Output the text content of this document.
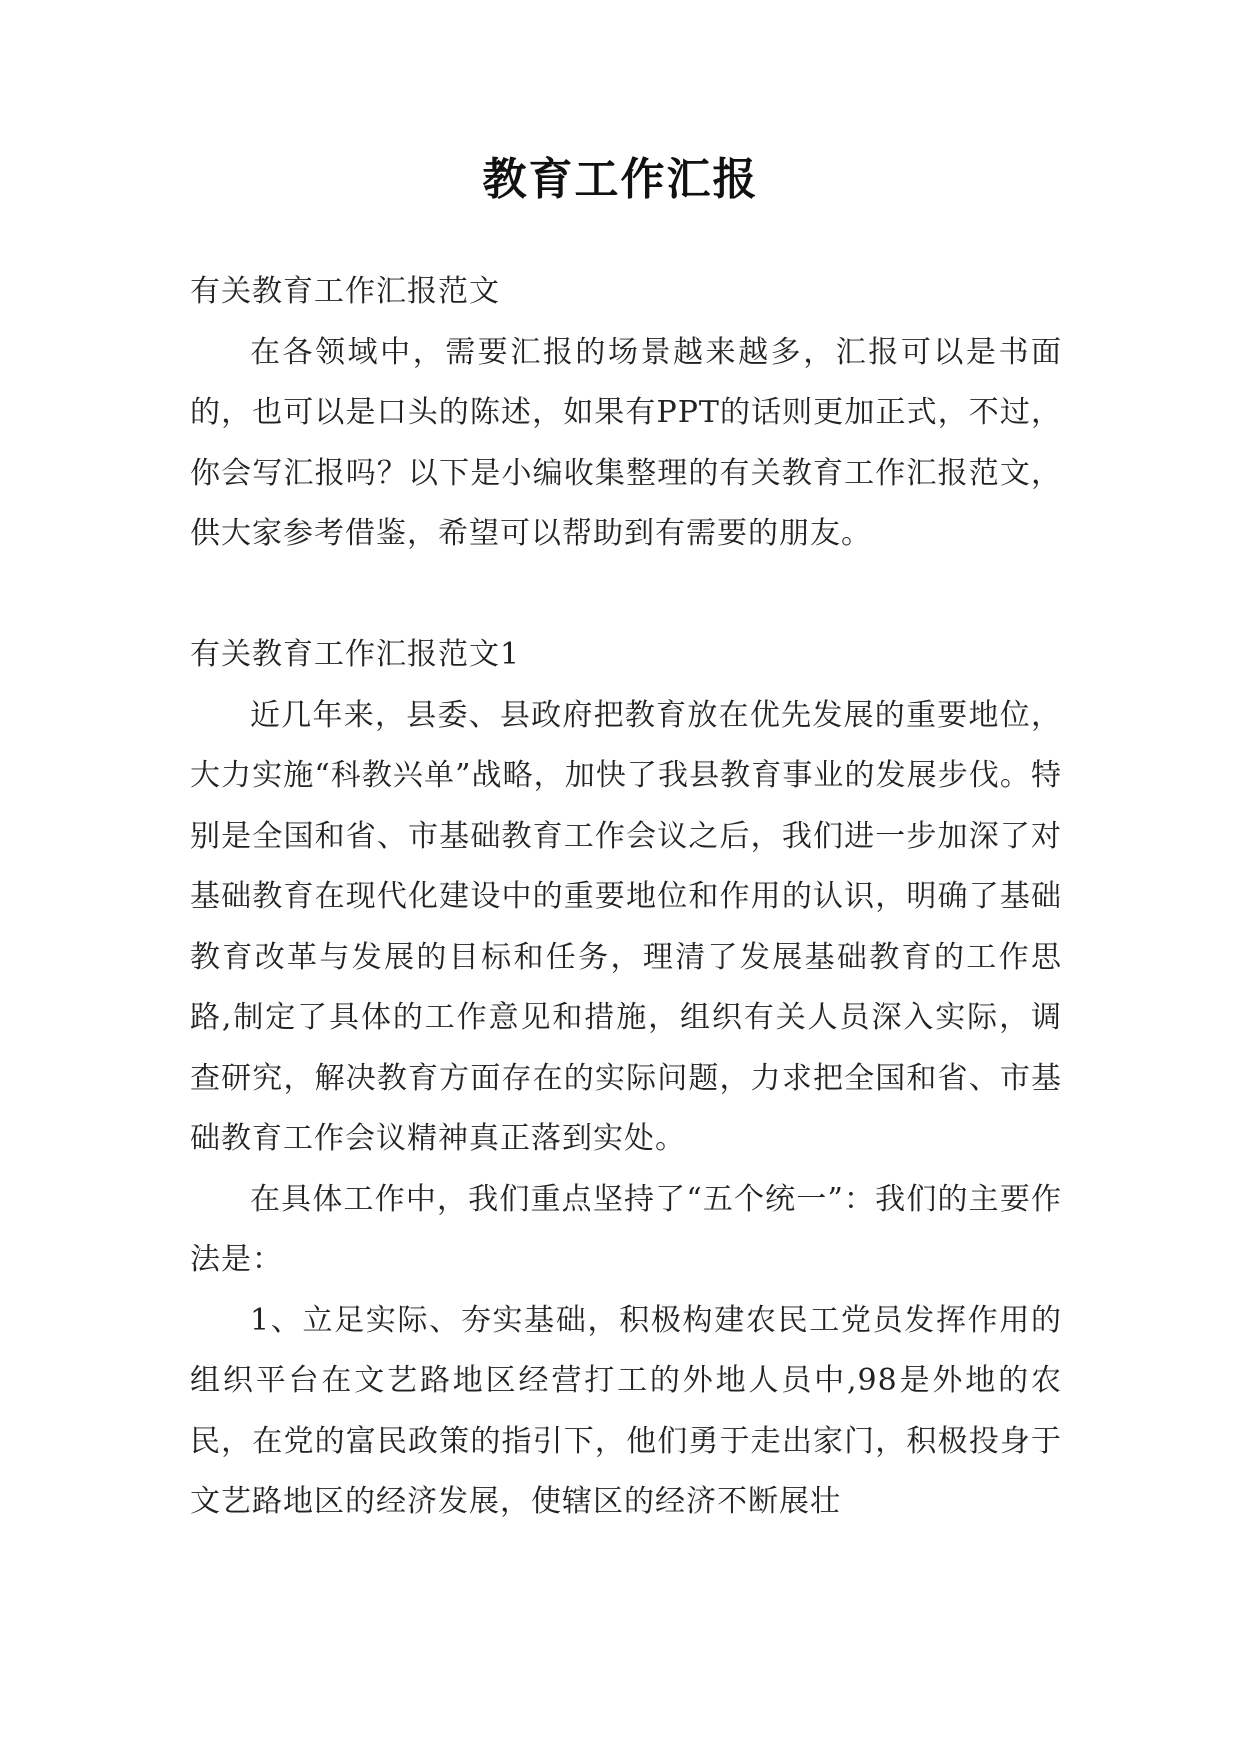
教育工作汇报

有关教育工作汇报范文

在各领域中，需要汇报的场景越来越多，汇报可以是书面的，也可以是口头的陈述，如果有PPT的话则更加正式，不过，你会写汇报吗？以下是小编收集整理的有关教育工作汇报范文，供大家参考借鉴，希望可以帮助到有需要的朋友。

有关教育工作汇报范文1

近几年来，县委、县政府把教育放在优先发展的重要地位，大力实施“科教兴单”战略，加快了我县教育事业的发展步伐。特别是全国和省、市基础教育工作会议之后，我们进一步加深了对基础教育在现代化建设中的重要地位和作用的认识，明确了基础教育改革与发展的目标和任务，理清了发展基础教育的工作思路,制定了具体的工作意见和措施，组织有关人员深入实际，调查研究，解决教育方面存在的实际问题，力求把全国和省、市基础教育工作会议精神真正落到实处。

在具体工作中，我们重点坚持了“五个统一”：我们的主要作法是：

1、立足实际、夯实基础，积极构建农民工党员发挥作用的组织平台在文艺路地区经营打工的外地人员中,98是外地的农民，在党的富民政策的指引下，他们勇于走出家门，积极投身于文艺路地区的经济发展，使辖区的经济不断展壮
